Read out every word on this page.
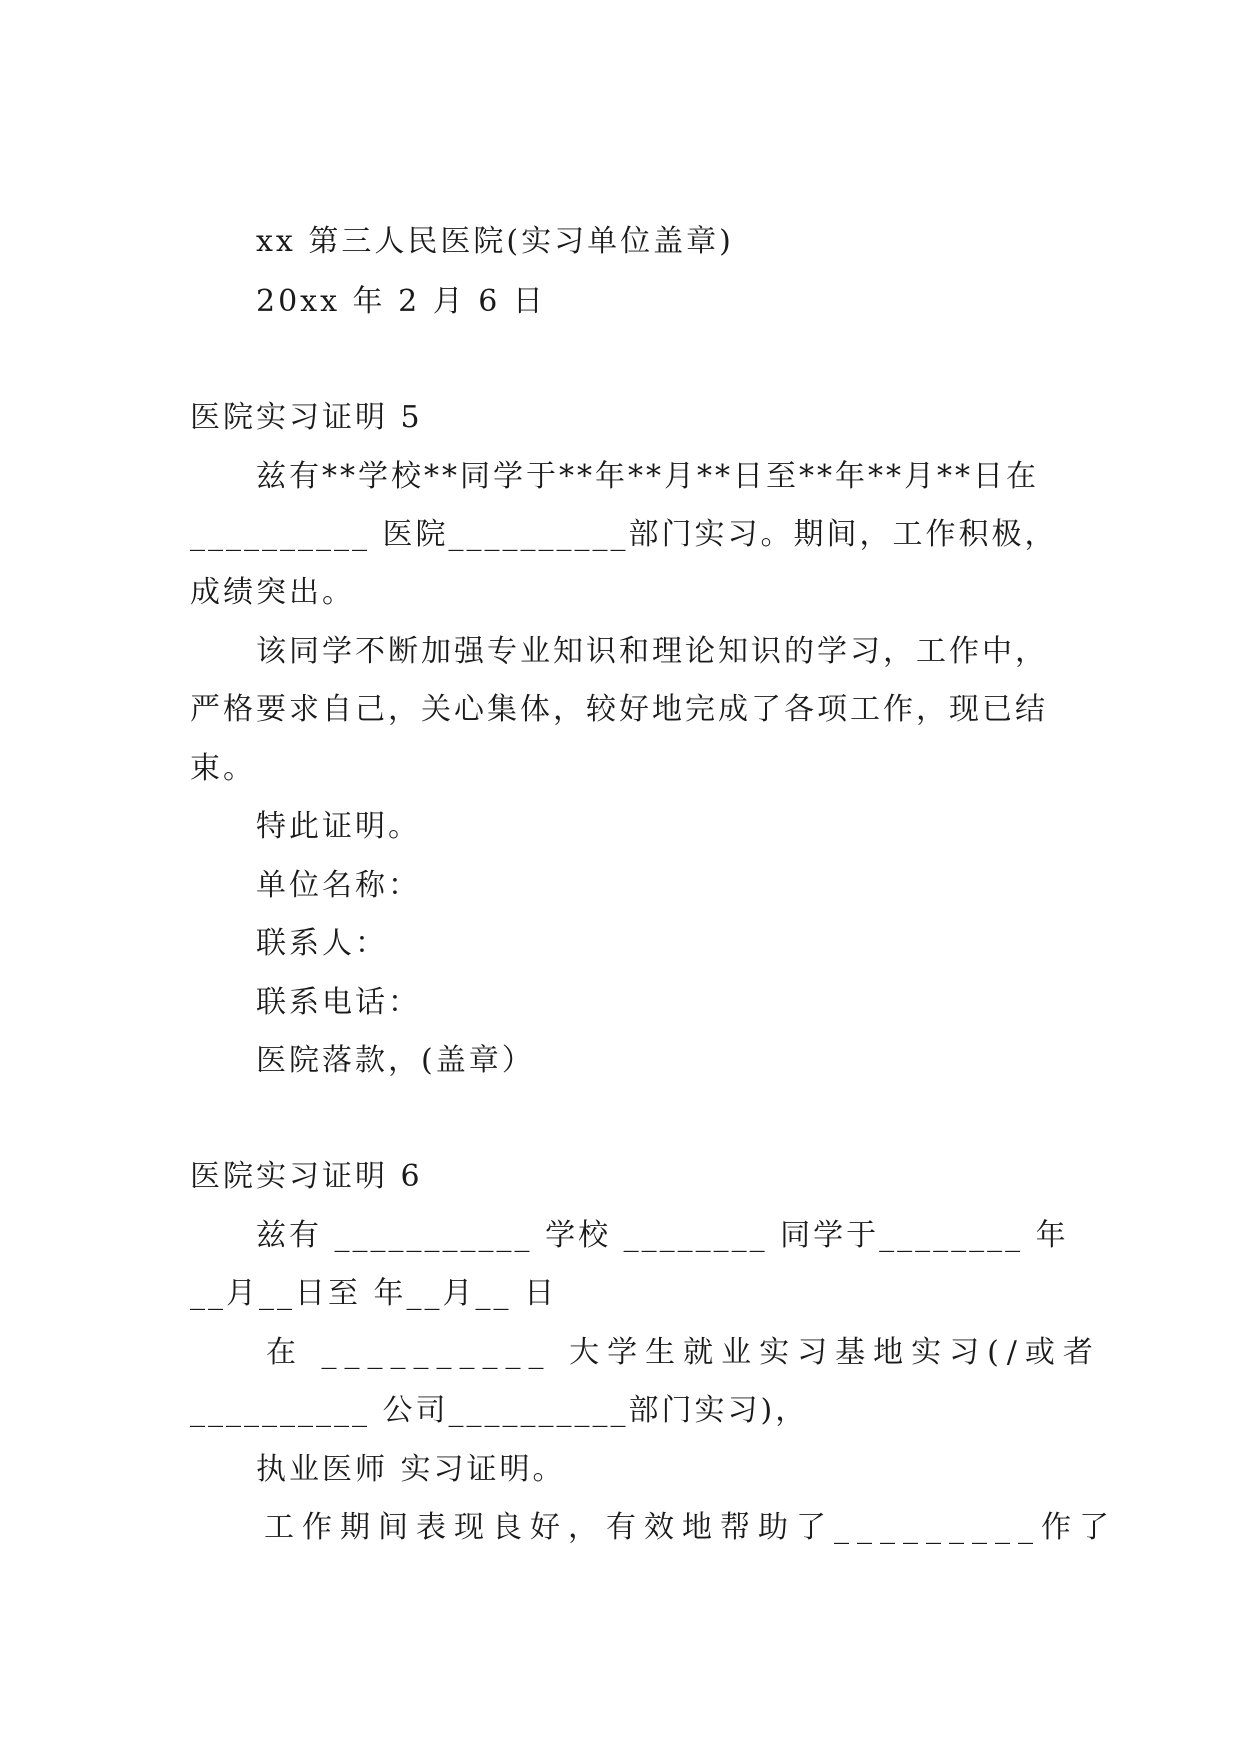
xx 第三人民医院(实习单位盖章)

20xx 年 2 月 6 日

医院实习证明 5

兹有**学校**同学于**年**月**日至**年**月**日在

__________ 医院__________部门实习。期间，工作积极，

成绩突出。

该同学不断加强专业知识和理论知识的学习，工作中，

严格要求自己，关心集体，较好地完成了各项工作，现已结

束。

特此证明。

单位名称：

联系人：

联系电话：

医院落款，(盖章）

医院实习证明 6

兹有 ___________ 学校 ________ 同学于________ 年

__月__日至 年__月__ 日

在 __________ 大学生就业实习基地实习(/或者

__________ 公司__________部门实习)，

执业医师 实习证明。

工作期间表现良好，有效地帮助了_________作了
